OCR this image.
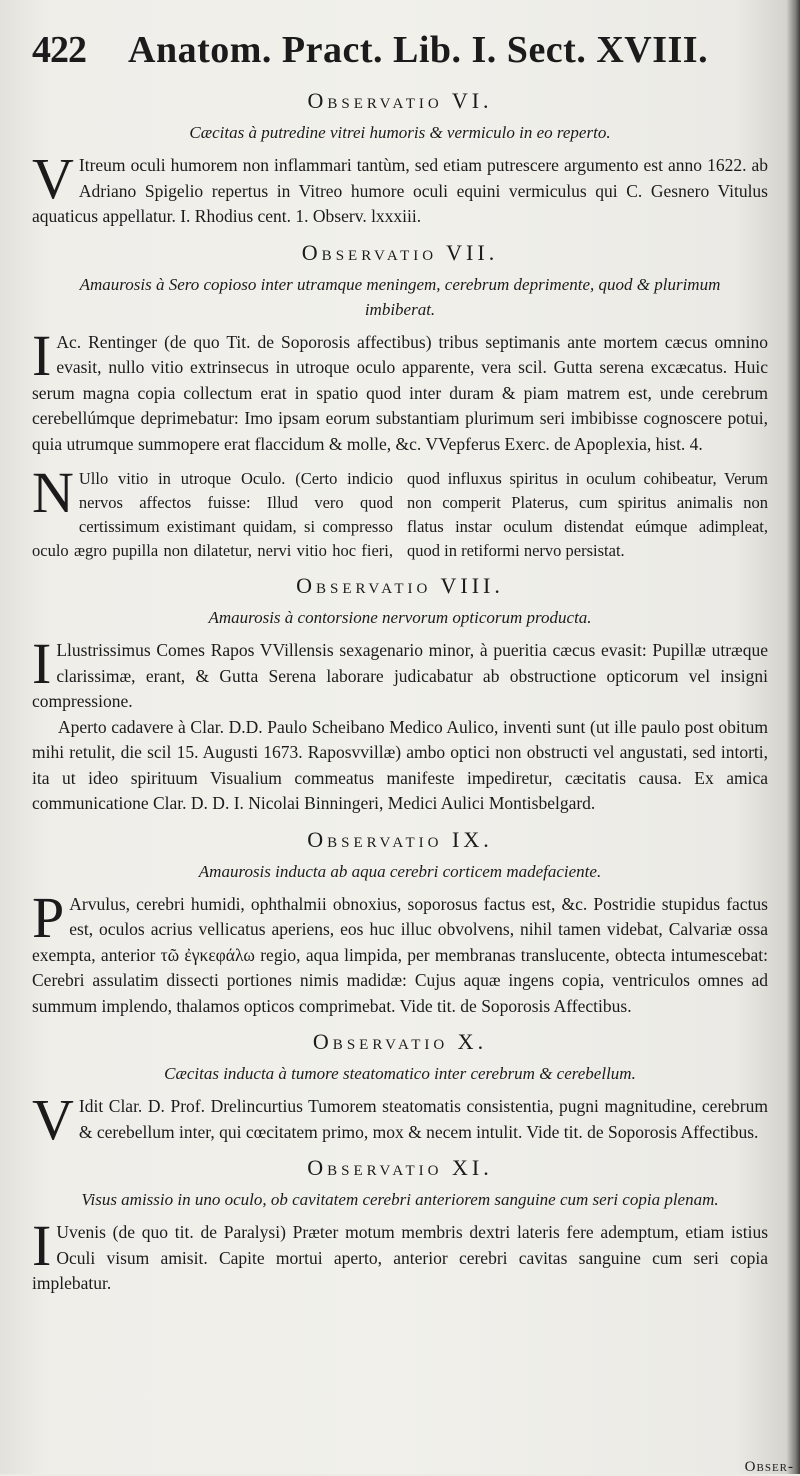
422	Anatom. Pract. Lib. I. Sect. XVIII.
Observatio VI.
Cæcitas à putredine vitrei humoris & vermiculo in eo reperto.

V Itreum oculi humorem non inflammari tantùm, sed etiam putrescere argumento est anno 1622. ab Adriano Spigelio repertus in Vitreo humore oculi equini vermiculus qui C. Gesnero Vitulus aquaticus appellatur. I. Rhodius cent. 1. Observ. lxxxiii.

Observatio VII.
Amaurosis à Sero copioso inter utramque meningem, cerebrum deprimente, quod & plurimum imbiberat.

I Ac. Rentinger (de quo Tit. de Soporosis affectibus) tribus septimanis ante mortem cæcus omnino evasit, nullo vitio extrinsecus in utroque oculo apparente, vera scil. Gutta serena excæcatus. Huic serum magna copia collectum erat in spatio quod inter duram & piam matrem est, unde cerebrum cerebellúmque deprimebatur: Imo ipsam eorum substantiam plurimum seri imbibisse cognoscere potui, quia utrumque summopere erat flaccidum & molle, &c. VVepferus Exerc. de Apoplexia, hist. 4.

N Ullo vitio in utroque Oculo. (Certo indicio nervos affectos fuisse: Illud vero quod certissimum existimant quidam, si compresso oculo ægro pupilla non dilatetur, nervi vitio hoc fieri, quod influxus spiritus in oculum cohibeatur, Verum non comperit Platerus, cum spiritus animalis non flatus instar oculum distendat eúmque adimpleat, quod in retiformi nervo persistat.

Observatio VIII.
Amaurosis à contorsione nervorum opticorum producta.

I Llustrissimus Comes Rapos VVillensis sexagenario minor, à pueritia cæcus evasit: Pupillæ utræque clarissimæ, erant, & Gutta Serena laborare judicabatur ab obstructione opticorum vel insigni compressione.

Aperto cadavere à Clar. D.D. Paulo Scheibano Medico Aulico, inventi sunt (ut ille paulo post obitum mihi retulit, die scil 15. Augusti 1673. Raposvvillæ) ambo optici non obstructi vel angustati, sed intorti, ita ut ideo spirituum Visualium commeatus manifeste impediretur, cæcitatis causa. Ex amica communicatione Clar. D. D. I. Nicolai Binningeri, Medici Aulici Montisbelgard.

Observatio IX.
Amaurosis inducta ab aqua cerebri corticem madefaciente.

P Arvulus, cerebri humidi, ophthalmii obnoxius, soporosus factus est, &c. Postridie stupidus factus est, oculos acrius vellicatus aperiens, eos huc illuc obvolvens, nihil tamen videbat, Calvariæ ossa exempta, anterior τῶ ἐγκεφάλω regio, aqua limpida, per membranas translucente, obtecta intumescebat: Cerebri assulatim dissecti portiones nimis madidæ: Cujus aquæ ingens copia, ventriculos omnes ad summum implendo, thalamos opticos comprimebat. Vide tit. de Soporosis Affectibus.

Observatio X.
Cæcitas inducta à tumore steatomatico inter cerebrum & cerebellum.

V Idit Clar. D. Prof. Drelincurtius Tumorem steatomatis consistentia, pugni magnitudine, cerebrum & cerebellum inter, qui cœcitatem primo, mox & necem intulit. Vide tit. de Soporosis Affectibus.

Observatio XI.
Visus amissio in uno oculo, ob cavitatem cerebri anteriorem sanguine cum seri copia plenam.

I Uvenis (de quo tit. de Paralysi) Præter motum membris dextri lateris fere ademptum, etiam istius Oculi visum amisit. Capite mortui aperto, anterior cerebri cavitas sanguine cum seri copia implebatur.

Obser-
